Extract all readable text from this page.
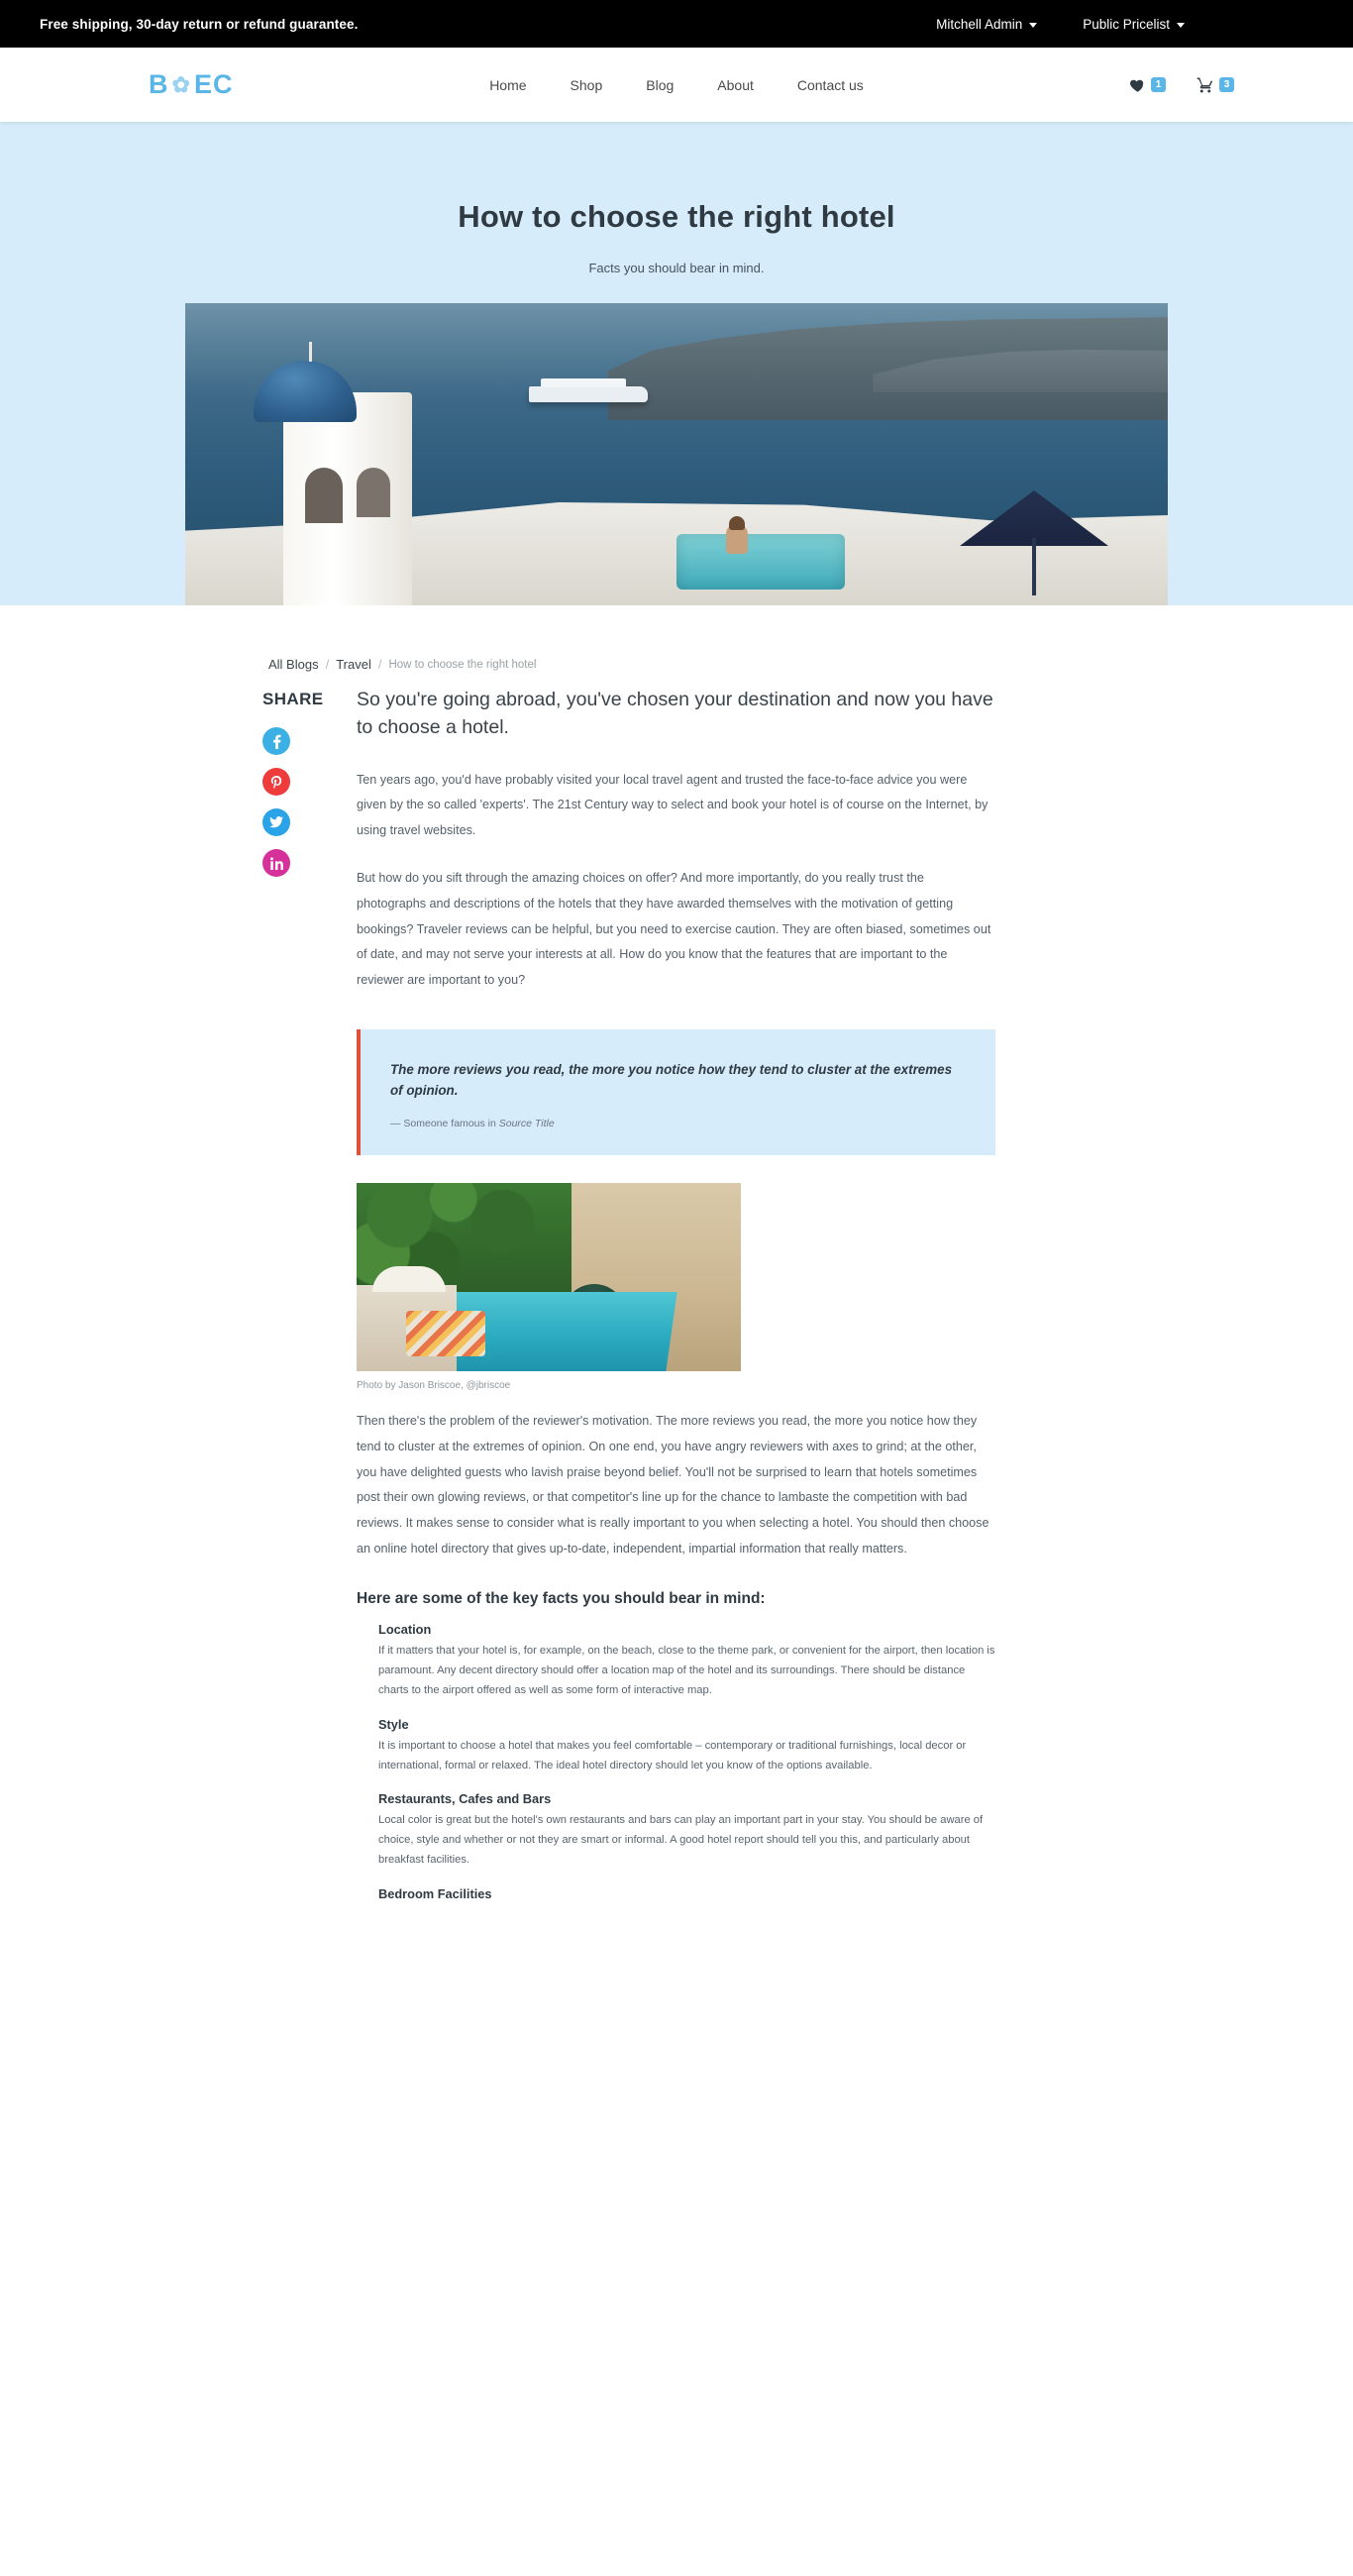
Free shipping, 30-day return or refund guarantee.	Mitchell Admin	Public Pricelist
B ✿ EC	Home	Shop	Blog	About	Contact us	1	3
How to choose the right hotel
Facts you should bear in mind.
All Blogs / Travel / How to choose the right hotel
SHARE	So you're going abroad, you've chosen your destination and now you have to choose a hotel.

Ten years ago, you'd have probably visited your local travel agent and trusted the face-to-face advice you were given by the so called 'experts'. The 21st Century way to select and book your hotel is of course on the Internet, by using travel websites.

But how do you sift through the amazing choices on offer? And more importantly, do you really trust the photographs and descriptions of the hotels that they have awarded themselves with the motivation of getting bookings? Traveler reviews can be helpful, but you need to exercise caution. They are often biased, sometimes out of date, and may not serve your interests at all. How do you know that the features that are important to the reviewer are important to you?

The more reviews you read, the more you notice how they tend to cluster at the extremes of opinion.
— Someone famous in Source Title
Photo by Jason Briscoe, @jbriscoe

Then there's the problem of the reviewer's motivation. The more reviews you read, the more you notice how they tend to cluster at the extremes of opinion. On one end, you have angry reviewers with axes to grind; at the other, you have delighted guests who lavish praise beyond belief. You'll not be surprised to learn that hotels sometimes post their own glowing reviews, or that competitor's line up for the chance to lambaste the competition with bad reviews. It makes sense to consider what is really important to you when selecting a hotel. You should then choose an online hotel directory that gives up-to-date, independent, impartial information that really matters.

Here are some of the key facts you should bear in mind:
Location
If it matters that your hotel is, for example, on the beach, close to the theme park, or convenient for the airport, then location is paramount. Any decent directory should offer a location map of the hotel and its surroundings. There should be distance charts to the airport offered as well as some form of interactive map.
Style
It is important to choose a hotel that makes you feel comfortable – contemporary or traditional furnishings, local decor or international, formal or relaxed. The ideal hotel directory should let you know of the options available.
Restaurants, Cafes and Bars
Local color is great but the hotel's own restaurants and bars can play an important part in your stay. You should be aware of choice, style and whether or not they are smart or informal. A good hotel report should tell you this, and particularly about breakfast facilities.
Bedroom Facilities
